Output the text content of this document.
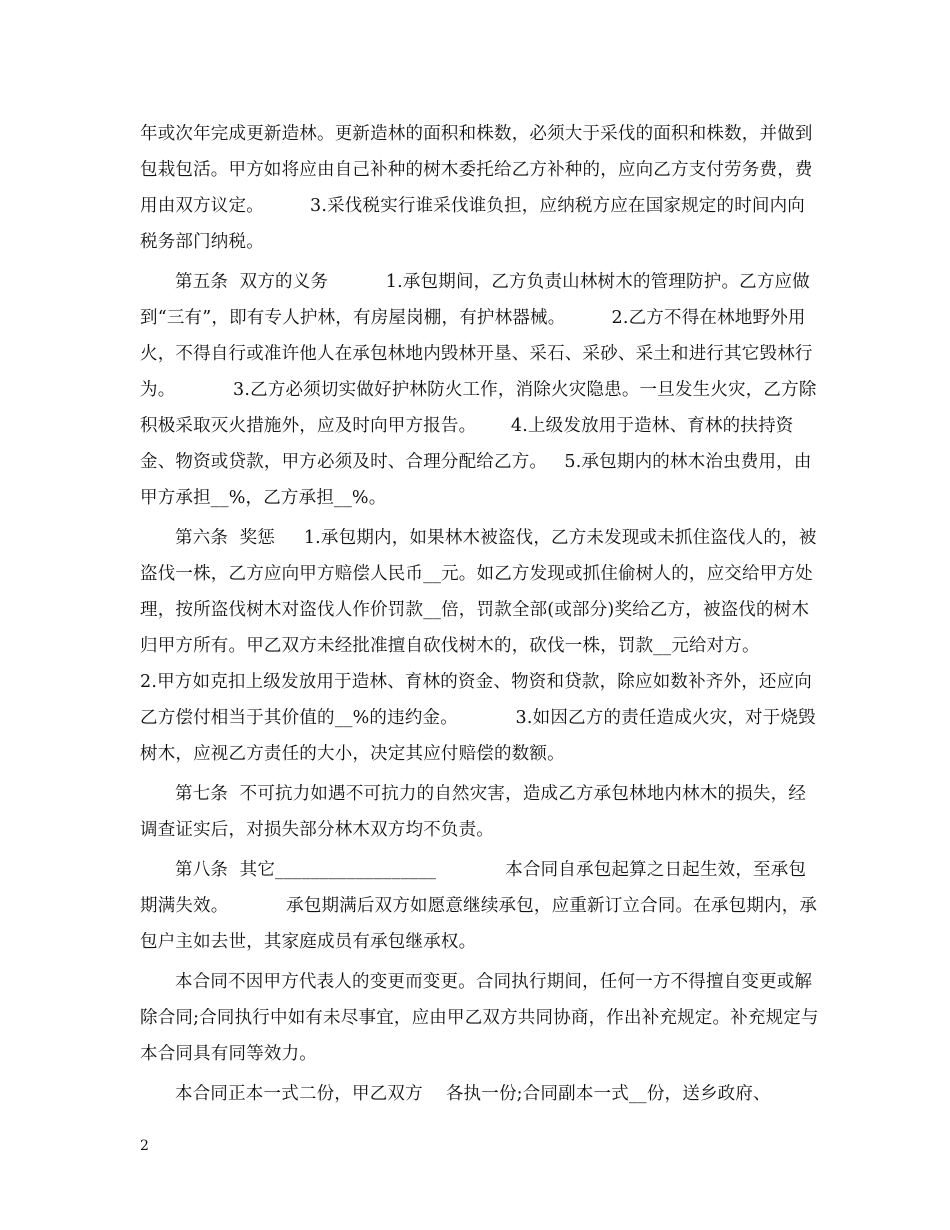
年或次年完成更新造林。更新造林的面积和株数，必须大于采伐的面积和株数，并做到包栽包活。甲方如将应由自己补种的树木委托给乙方补种的，应向乙方支付劳务费，费用由双方议定。        3.采伐税实行谁采伐谁负担，应纳税方应在国家规定的时间内向税务部门纳税。

第五条  双方的义务          1.承包期间，乙方负责山林树木的管理防护。乙方应做到“三有”，即有专人护林，有房屋岗棚，有护林器械。        2.乙方不得在林地野外用火，不得自行或准许他人在承包林地内毁林开垦、采石、采砂、采土和进行其它毁林行为。          3.乙方必须切实做好护林防火工作，消除火灾隐患。一旦发生火灾，乙方除积极采取灭火措施外，应及时向甲方报告。      4.上级发放用于造林、育林的扶持资金、物资或贷款，甲方必须及时、合理分配给乙方。   5.承包期内的林木治虫费用，由甲方承担__%，乙方承担__%。

第六条  奖惩     1.承包期内，如果林木被盗伐，乙方未发现或未抓住盗伐人的，被盗伐一株，乙方应向甲方赔偿人民币__元。如乙方发现或抓住偷树人的，应交给甲方处理，按所盗伐树木对盗伐人作价罚款__倍，罚款全部(或部分)奖给乙方，被盗伐的树木归甲方所有。甲乙双方未经批准擅自砍伐树木的，砍伐一株，罚款__元给对方。          2.甲方如克扣上级发放用于造林、育林的资金、物资和贷款，除应如数补齐外，还应向乙方偿付相当于其价值的__%的违约金。          3.如因乙方的责任造成火灾，对于烧毁树木，应视乙方责任的大小，决定其应付赔偿的数额。

第七条  不可抗力如遇不可抗力的自然灾害，造成乙方承包林地内林木的损失，经调查证实后，对损失部分林木双方均不负责。

第八条  其它__________________            本合同自承包起算之日起生效，至承包期满失效。          承包期满后双方如愿意继续承包，应重新订立合同。在承包期内，承包户主如去世，其家庭成员有承包继承权。

本合同不因甲方代表人的变更而变更。合同执行期间，任何一方不得擅自变更或解除合同;合同执行中如有未尽事宜，应由甲乙双方共同协商，作出补充规定。补充规定与本合同具有同等效力。

本合同正本一式二份，甲乙双方    各执一份;合同副本一式__份，送乡政府、

2
